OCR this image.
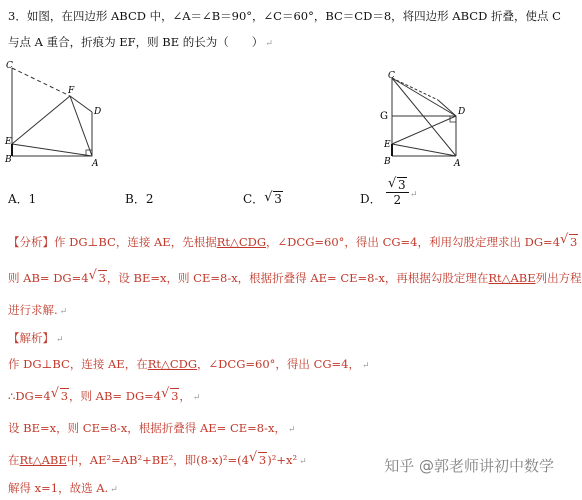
3．如图，在四边形 ABCD 中，∠A＝∠B＝90°，∠C＝60°，BC＝CD＝8，将四边形 ABCD 折叠，使点 C
与点 A 重合，折痕为 EF，则 BE 的长为（　　） ↵
C
F
D
E
B	A
C
G	D
E
B	A
A．1	B．2	C． √ 3	D． $\frac{√ 3}{2}$ ↵
【分析】作 DG⊥BC，连接 AE，先根据Rt△CDG，∠DCG=60°，得出 CG=4，利用勾股定理求出 DG=4 √ 3
则 AB= DG=4 √ 3，设 BE=x，则 CE=8-x，根据折叠得 AE= CE=8-x，再根据勾股定理在Rt△ABE列出方程
进行求解. ↵
【解析】 ↵
作 DG⊥BC，连接 AE，在Rt△CDG，∠DCG=60°，得出 CG=4， ↵
∴DG=4 √ 3，则 AB= DG=4 √ 3， ↵
设 BE=x，则 CE=8-x，根据折叠得 AE= CE=8-x， ↵
在Rt△ABE中，AE²=AB²+BE²，即(8-x)²=(4 √ 3)²+x² ↵
解得 x=1，故选 A. ↵
知乎 @郭老师讲初中数学
